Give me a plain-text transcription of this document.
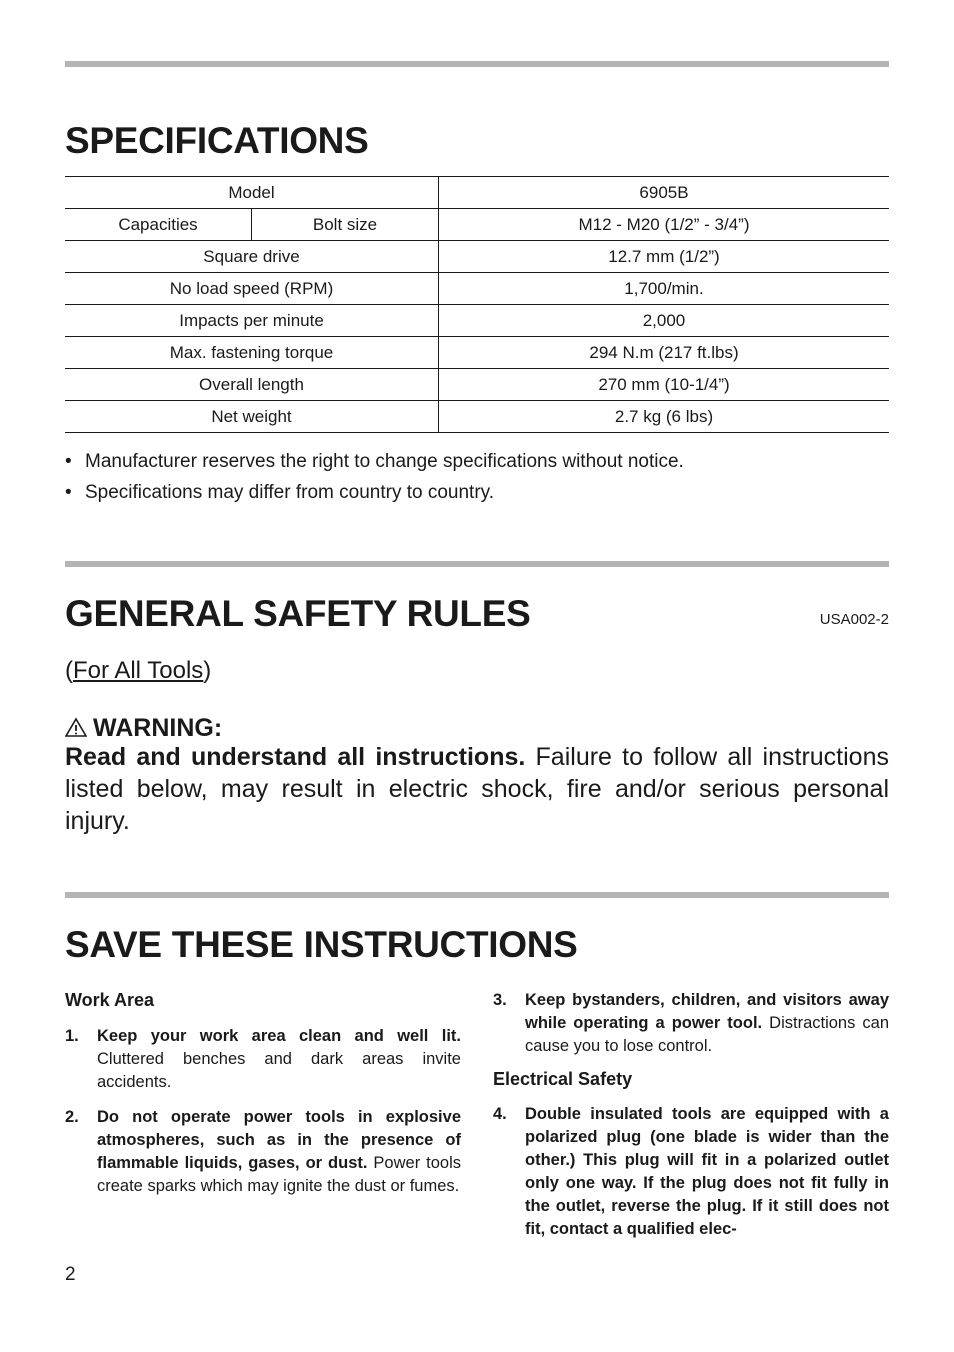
SPECIFICATIONS
Model		6905B
Capacities	Bolt size	M12 - M20 (1/2” - 3/4”)
Square drive		12.7 mm (1/2”)
No load speed (RPM)		1,700/min.
Impacts per minute		2,000
Max. fastening torque		294 N.m (217 ft.lbs)
Overall length		270 mm (10-1/4”)
Net weight		2.7 kg (6 lbs)
• Manufacturer reserves the right to change specifications without notice.
• Specifications may differ from country to country.
GENERAL SAFETY RULES	USA002-2
(For All Tools)
WARNING:

Read and understand all instructions. Failure to follow all instructions listed below, may result in electric shock, fire and/or serious personal injury.

SAVE THESE INSTRUCTIONS
Work Area
1. Keep your work area clean and well lit. Cluttered benches and dark areas invite accidents.
2. Do not operate power tools in explosive atmospheres, such as in the presence of flammable liquids, gases, or dust. Power tools create sparks which may ignite the dust or fumes.
3. Keep bystanders, children, and visitors away while operating a power tool. Distractions can cause you to lose control.
Electrical Safety
4. Double insulated tools are equipped with a polarized plug (one blade is wider than the other.) This plug will fit in a polarized outlet only one way. If the plug does not fit fully in the outlet, reverse the plug. If it still does not fit, contact a qualified elec-
2
